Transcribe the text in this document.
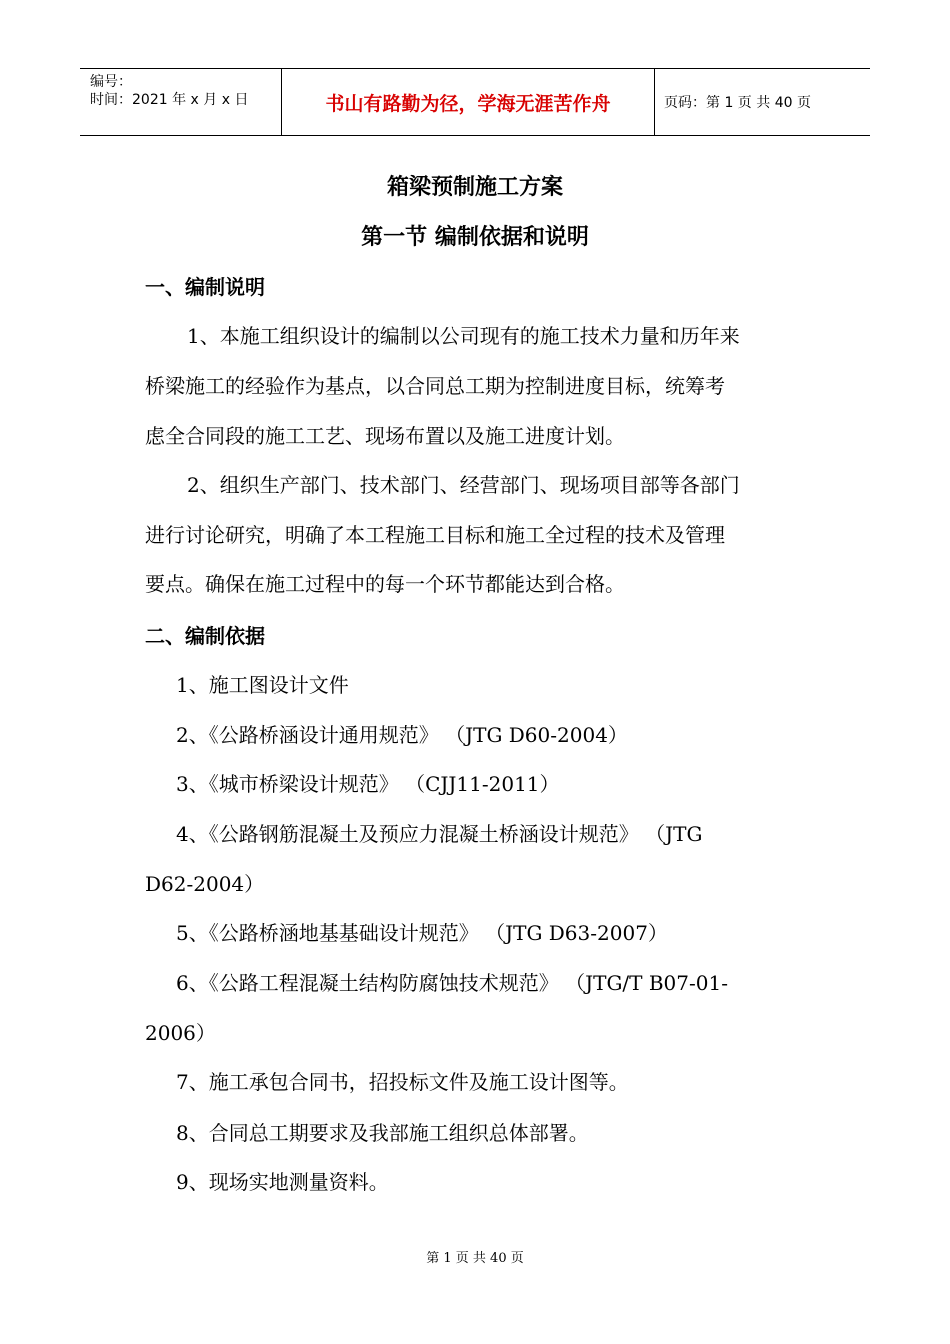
编号：
时间：2021 年 x 月 x 日	书山有路勤为径，学海无涯苦作舟	页码：第 1 页 共 40 页
箱梁预制施工方案
第一节 编制依据和说明
一、编制说明
1、本施工组织设计的编制以公司现有的施工技术力量和历年来
桥梁施工的经验作为基点，以合同总工期为控制进度目标，统筹考
虑全合同段的施工工艺、现场布置以及施工进度计划。
2、组织生产部门、技术部门、经营部门、现场项目部等各部门
进行讨论研究，明确了本工程施工目标和施工全过程的技术及管理
要点。确保在施工过程中的每一个环节都能达到合格。
二、编制依据
1、施工图设计文件
2、《公路桥涵设计通用规范》 （JTG D60-2004）
3、《城市桥梁设计规范》 （CJJ11-2011）
4、《公路钢筋混凝土及预应力混凝土桥涵设计规范》 （JTG
D62-2004）
5、《公路桥涵地基基础设计规范》 （JTG D63-2007）
6、《公路工程混凝土结构防腐蚀技术规范》 （JTG/T B07-01-
2006）
7、施工承包合同书，招投标文件及施工设计图等。
8、合同总工期要求及我部施工组织总体部署。
9、现场实地测量资料。
第 1 页 共 40 页
